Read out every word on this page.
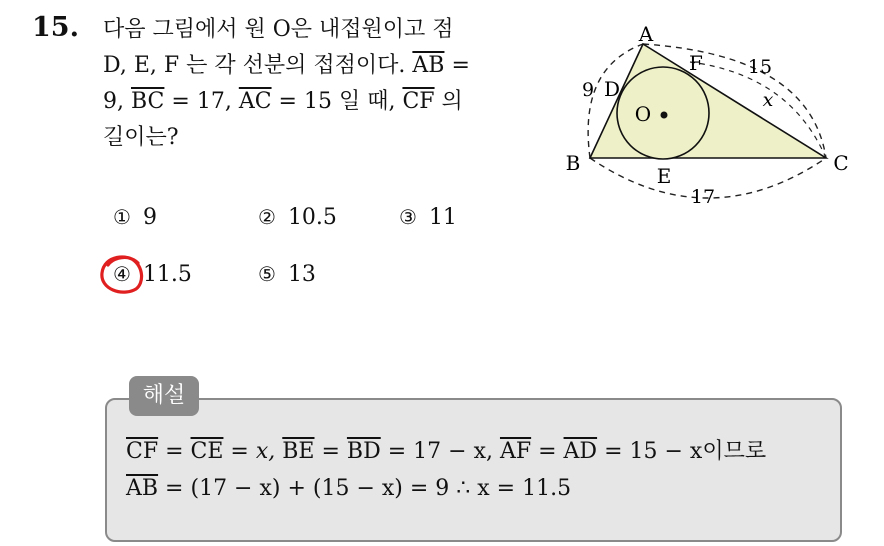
15. 다음 그림에서 원 O은 내접원이고 점
D, E, F 는 각 선분의 접점이다. $\overline{AB}$ =
9, $\overline{BC} = 17$, $\overline{AC} = 15$ 일 때, $\overline{CF}$ 의
길이는?
A
B	C
D
E
F
O
9
15
17
x
① 9	② 10.5	③ 11
④ 11.5	⑤ 13
해설
$\overline{CF} = \overline{CE} = x$, $\overline{BE} = \overline{BD} = 17 - x$, $\overline{AF} = \overline{AD} = 15 - x$이므로
$\overline{AB} = (17 - x) + (15 - x) = 9$ ∴ x = 11.5
